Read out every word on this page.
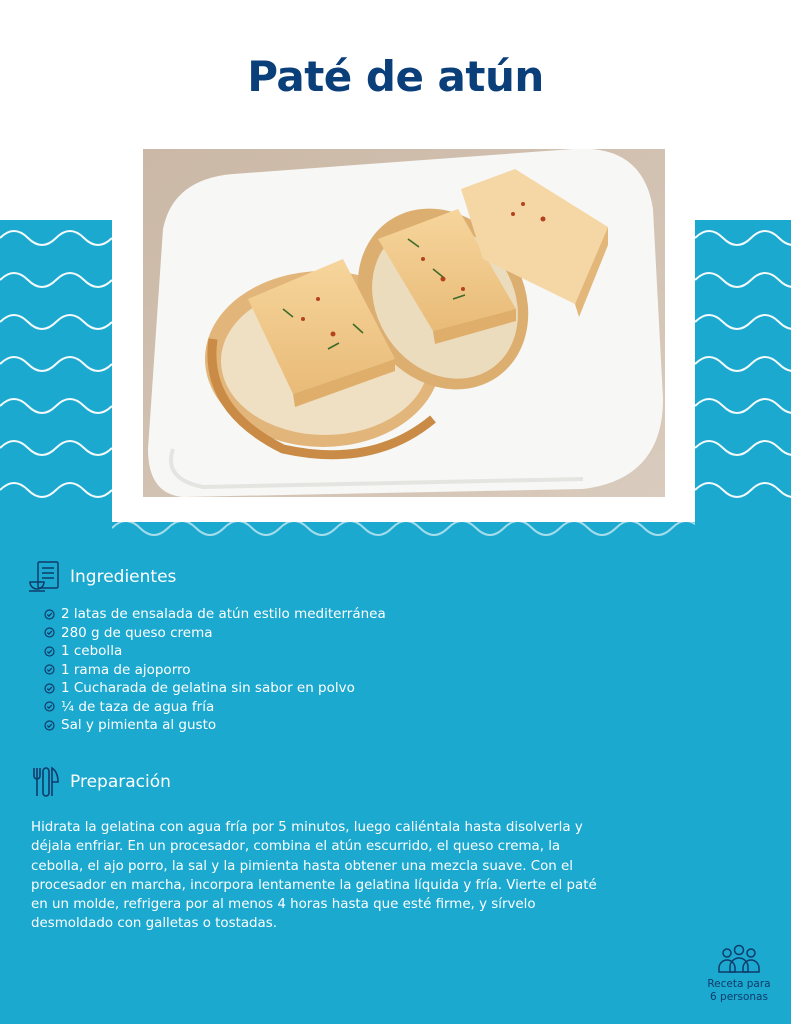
Paté de atún
Ingredientes
2 latas de ensalada de atún estilo mediterránea
280 g de queso crema
1 cebolla
1 rama de ajoporro
1 Cucharada de gelatina sin sabor en polvo
¼ de taza de agua fría
Sal y pimienta al gusto
Preparación
Hidrata la gelatina con agua fría por 5 minutos, luego caliéntala hasta disolverla y
déjala enfriar. En un procesador, combina el atún escurrido, el queso crema, la
cebolla, el ajo porro, la sal y la pimienta hasta obtener una mezcla suave. Con el
procesador en marcha, incorpora lentamente la gelatina líquida y fría. Vierte el paté
en un molde, refrigera por al menos 4 horas hasta que esté firme, y sírvelo
desmoldado con galletas o tostadas.
Receta para
6 personas
